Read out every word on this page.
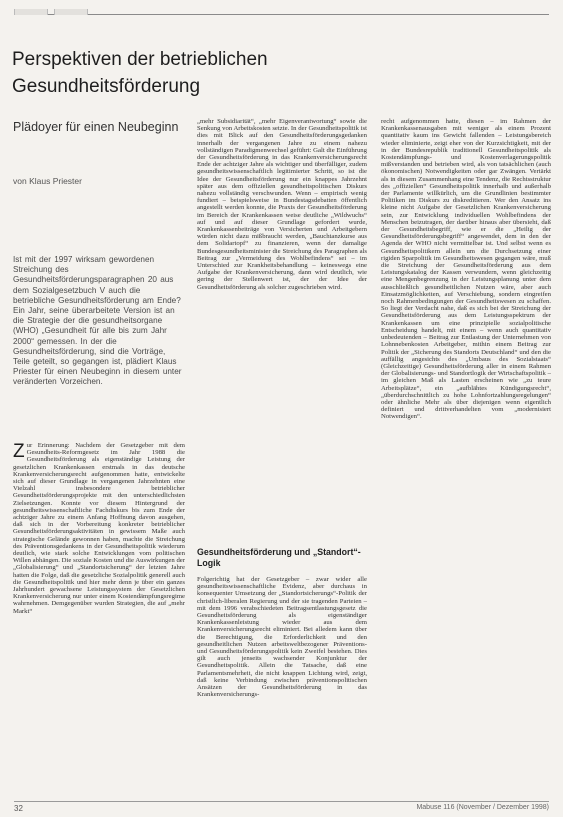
Perspektiven der betrieblichen Gesundheitsförderung
Plädoyer für einen Neubeginn
von Klaus Priester
Ist mit der 1997 wirksam gewordenen Streichung des Gesundheitsförderungsparagraphen 20 aus dem Sozialgesetzbuch V auch die betriebliche Gesundheitsförderung am Ende? Ein Jahr, seine überarbeitete Version ist an die Strategie der die gesundheitsorgane (WHO) „Gesundheit für alle bis zum Jahr 2000“ gemessen. In der die Gesundheitsförderung, sind die Vorträge, Teile geteilt, so gegangen ist, plädiert Klaus Priester für einen Neubeginn in diesem unter veränderten Vorzeichen.
Zur Erinnerung: Nachdem der Gesetzgeber mit dem Gesundheits-Reformgesetz im Jahr 1988 die Gesundheitsförderung als eigenständige Leistung der gesetzlichen Krankenkassen erstmals in das deutsche Krankenversicherungsrecht aufgenommen hatte, entwickelte sich auf dieser Grundlage in vergangenen Jahrzehnten eine Vielzahl insbesondere betrieblicher Gesundheitsförderungsprojekte mit den unterschiedlichsten Zielsetzungen. Konnte vor diesem Hintergrund der gesundheitswissenschaftliche Fachdiskurs bis zum Ende der achtziger Jahre zu einem Anfang Hoffnung davon ausgehen, daß sich in der Vorbereitung konkreter betrieblicher Gesundheitsförderungsaktivitäten in gewissem Maße auch strategische Gelände gewonnen haben, machte die Streichung des Präventionsgedankens in der Gesundheitspolitik wiederum deutlich, wie stark solche Entwicklungen vom politischen Willen abhängen. Die soziale Kosten und die Auswirkungen der „Globalisierung“ und „Standortsicherung“ der letzten Jahre hatten die Folge, daß die gesetzliche Sozialpolitik generell auch die Gesundheitspolitik und hier mehr denn je über ein ganzes Jahrhundert gewachsene Leistungssystem der Gesetzlichen Krankenversicherung nur unter einem Kostendämpfungsregime wahrnehmen. Demgegenüber wurden Strategien, die auf „mehr Markt“
„mehr Subsidiarität“, „mehr Eigenverantwortung“ sowie die Senkung von Arbeitskosten setzte. In der Gesundheitspolitik ist dies mit Blick auf den Gesundheitsförderungsgedanken innerhalb der vergangenen Jahre zu einem nahezu vollständigen Paradigmenwechsel geführt: Galt die Einführung der Gesundheitsförderung in das Krankenversicherungsrecht Ende der achtziger Jahre als wichtiger und überfälliger, zudem gesundheitswissenschaftlich legitimierter Schritt, so ist die Idee der Gesundheitsförderung nur ein knappes Jahrzehnt später aus dem offiziellen gesundheitspolitischen Diskurs nahezu vollständig verschwunden. Wenn – empirisch wenig fundiert – beispielsweise in Bundestagsdebatten öffentlich angestellt werden konnte, die Praxis der Gesundheitsförderung im Bereich der Krankenkassen weise deutliche „Wildwuchs“ auf und auf dieser Grundlage gefordert wurde, Krankenkassenbeiträge von Versicherten und Arbeitgebern würden nicht dazu mißbraucht werden, „Bauchtanzkurse aus dem Solidartopf“ zu finanzieren, wenn der damalige Bundesgesundheitsminister die Streichung des Paragraphen als Beitrag zur „Vermeidung des Wohlbefindens“ sei – im Unterschied zur Krankheitsbehandlung – keineswegs eine Aufgabe der Krankenversicherung, dann wird deutlich, wie gering der Stellenwert ist, der der Idee der Gesundheitsförderung als solcher zugeschrieben wird.
Gesundheitsförderung und „Standort“-Logik
Folgerichtig hat der Gesetzgeber – zwar wider alle gesundheitswissenschaftliche Evidenz, aber durchaus in konsequenter Umsetzung der „Standortsicherungs“-Politik der christlich-liberalen Regierung und der sie tragenden Parteien – mit dem 1996 verabschiedeten Beitragsentlastungsgesetz die Gesundheitsförderung als eigenständiger Krankenkassenleistung wieder aus dem Krankenversicherungsrecht eliminiert. Bei alledem kann über die Berechtigung, die Erforderlichkeit und den gesundheitlichen Nutzen arbeitsweltbezogener Präventions- und Gesundheitsförderungspolitik kein Zweifel bestehen. Dies gilt auch jenseits wachsender Konjunktur der Gesundheitspolitik. Allein die Tatsache, daß eine Parlamentsmehrheit, die nicht knappen Lichtung wird, zeigt, daß keine Verbindung zwischen präventionspolitischen Ansätzen der Gesundheitsförderung in das Krankenversicherungs-
recht aufgenommen hatte, diesen – im Rahmen der Krankenkassenausgaben mit weniger als einem Prozent quantitativ kaum ins Gewicht fallenden – Leistungsbereich wieder eliminierte, zeigt eher von der Kurzsichtigkeit, mit der in der Bundesrepublik traditionell Gesundheitspolitik als Kostendämpfungs- und Kostenverlagerungspolitik mißverstanden und betrieben wird, als von tatsächlichen (auch ökonomischen) Notwendigkeiten oder gar Zwängen. Vertärkt als in diesem Zusammenhang eine Tendenz, die Rechtsstruktur des „offiziellen“ Gesundheitspolitik innerhalb und außerhalb der Parlamente willkürlich, um die Grundlinien bestimmter Politiken im Diskurs zu diskreditieren. Wer den Ansatz ins kleine nicht Aufgabe der Gesetzlichen Krankenversicherung sein, zur Entwicklung individuellen Wohlbefindens der Menschen beizutragen, der darüber hinaus aber übersieht, daß der Gesundheitsbegriff, wie er die „Heilig der Gesundheitsförderungsbegriff“ angewendet, dem in den der Agenda der WHO nicht vermittelbar ist. Und selbst wenn es Gesundheitspolitikern allein um die Durchsetzung einer rigiden Sparpolitik im Gesundheitswesen gegangen wäre, muß die Streichung der Gesundheitsförderung aus dem Leistungskatalog der Kassen verwundern, wenn gleichzeitig eine Mengenbegrenzung in der Leistungsplanung unter dem ausschließlich gesundheitlichen Nutzen wäre, aber auch Einsatzmöglichkeiten, auf Verschiebung, sondern eingreifen noch Rahmenbedingungen der Gesundheitswesen zu schaffen. So liegt der Verdacht nahe, daß es sich bei der Streichung der Gesundheitsförderung aus dem Leistungsspektrum der Krankenkassen um eine prinzipielle sozialpolitische Entscheidung handelt, mit einem – wenn auch quantitativ unbedeutenden – Beitrag zur Entlastung der Unternehmen von Lohnnebenkosten Arbeitgeber, mithin einem Beitrag zur Politik der „Sicherung des Standorts Deutschland“ und den die auffällig angesichts des „Umbaus des Sozialstaats“ (Gleichzeitige) Gesundheitsförderung aller in einem Rahmen der Globalisierungs- und Standortlogik der Wirtschaftspolitik – im gleichen Maß als Lasten erscheinen wie „zu teure Arbeitsplätze“, ein „aufblähtes Kündigungsrecht“, „überdurchschnittlich zu hohe Lohnfortzahlungsregelungen“ oder ähnliche Mehr als über diejenigen wenn eigentlich definiert und drittverhandelten vom „modernisiert Notwendigen“.
32	Mabuse 116 (November / Dezember 1998)
